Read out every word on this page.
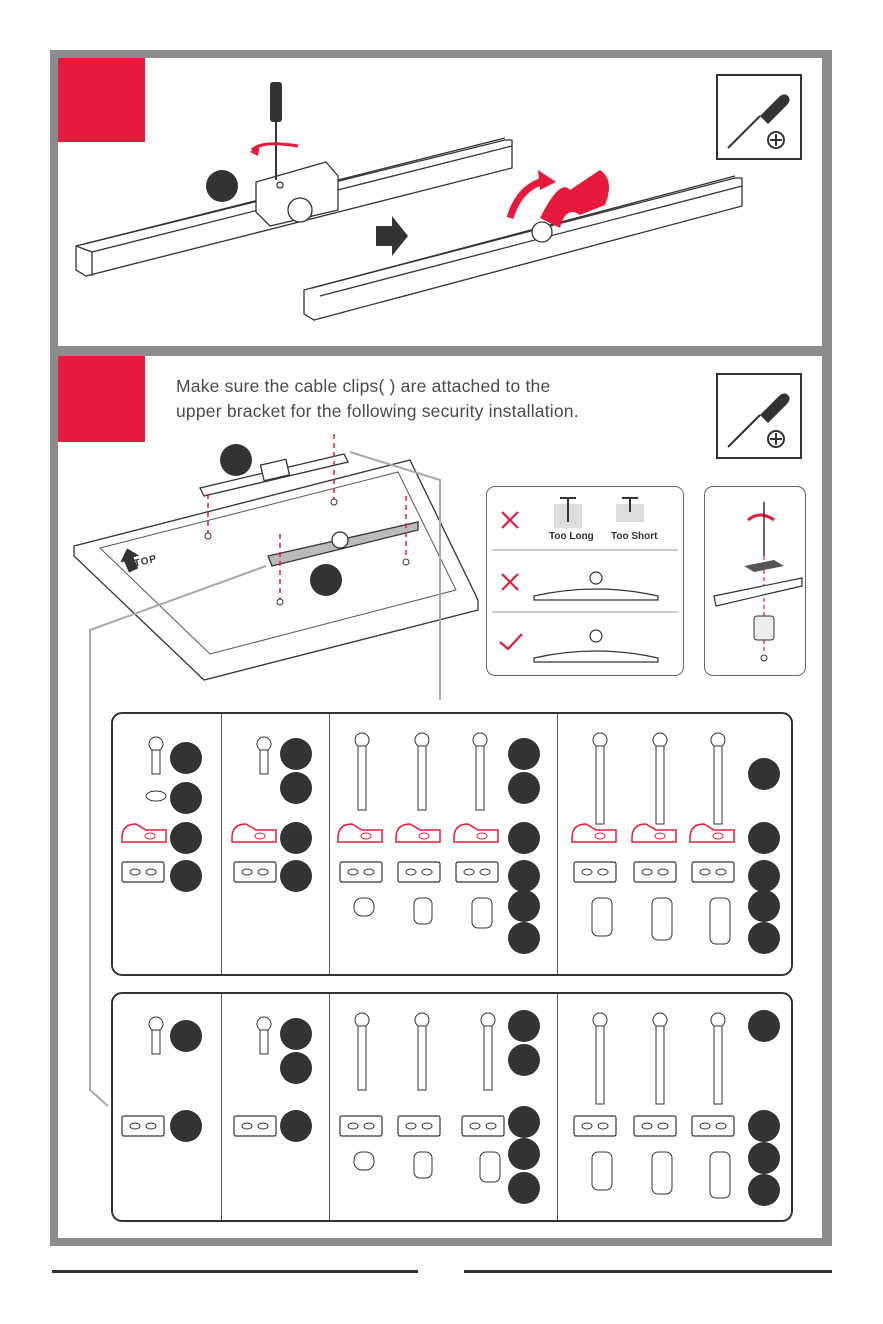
Make sure the cable clips( ) are attached to the
upper bracket for the following security installation.
TOP
Too Long Too Short
